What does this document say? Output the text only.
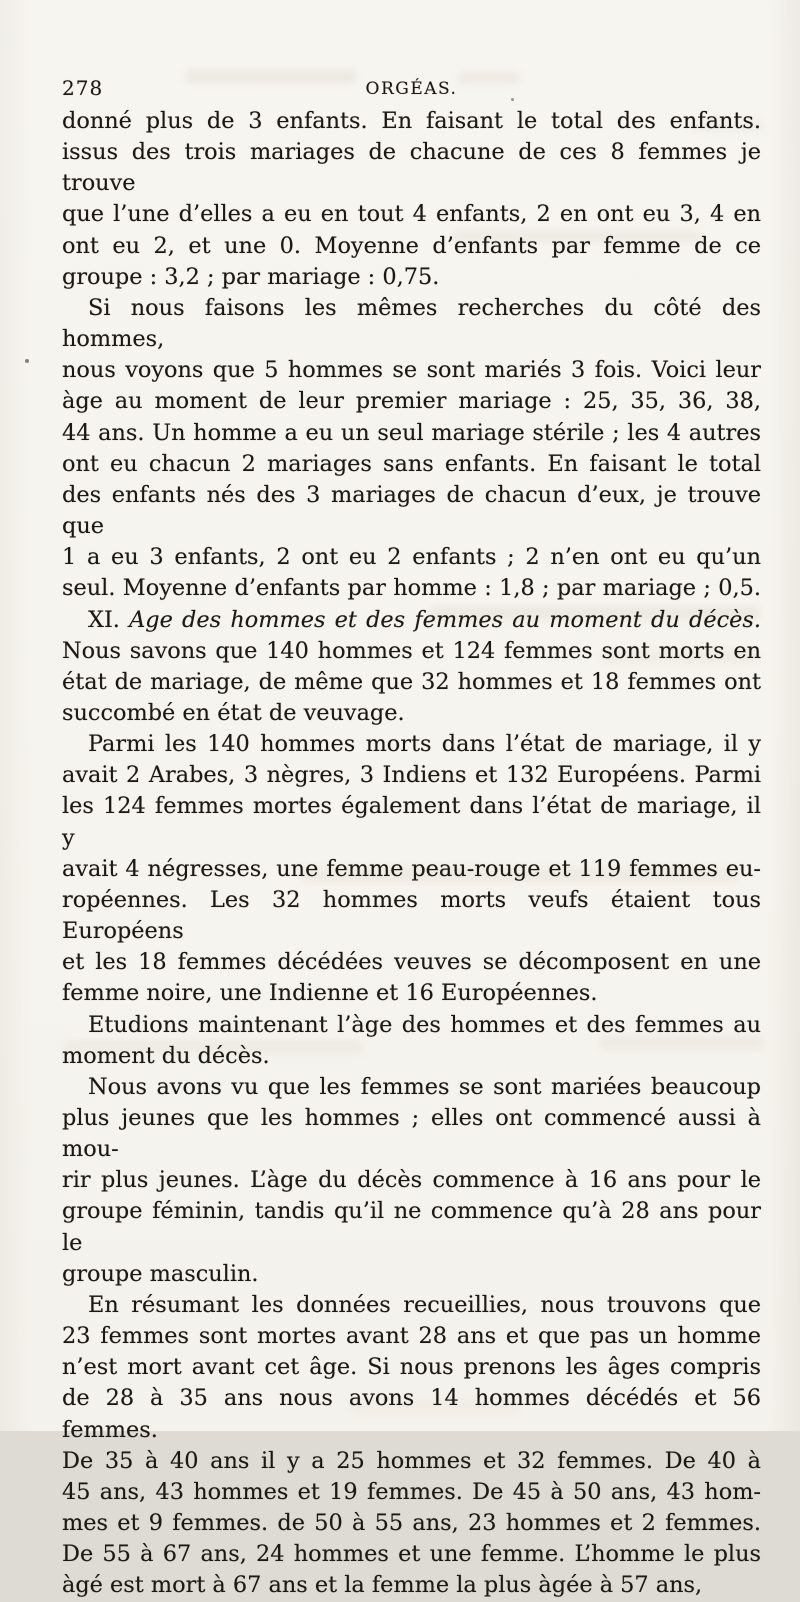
278	ORGÉAS.
donné plus de 3 enfants. En faisant le total des enfants.
issus des trois mariages de chacune de ces 8 femmes je trouve
que l’une d’elles a eu en tout 4 enfants, 2 en ont eu 3, 4 en
ont eu 2, et une 0. Moyenne d’enfants par femme de ce
groupe : 3,2 ; par mariage : 0,75.
Si nous faisons les mêmes recherches du côté des hommes,
nous voyons que 5 hommes se sont mariés 3 fois. Voici leur
àge au moment de leur premier mariage : 25, 35, 36, 38,
44 ans. Un homme a eu un seul mariage stérile ; les 4 autres
ont eu chacun 2 mariages sans enfants. En faisant le total
des enfants nés des 3 mariages de chacun d’eux, je trouve que
1 a eu 3 enfants, 2 ont eu 2 enfants ; 2 n’en ont eu qu’un
seul. Moyenne d’enfants par homme : 1,8 ; par mariage ; 0,5.
XI. Age des hommes et des femmes au moment du décès.
Nous savons que 140 hommes et 124 femmes sont morts en
état de mariage, de même que 32 hommes et 18 femmes ont
succombé en état de veuvage.
Parmi les 140 hommes morts dans l’état de mariage, il y
avait 2 Arabes, 3 nègres, 3 Indiens et 132 Européens. Parmi
les 124 femmes mortes également dans l’état de mariage, il y
avait 4 négresses, une femme peau-rouge et 119 femmes eu-
ropéennes. Les 32 hommes morts veufs étaient tous Européens
et les 18 femmes décédées veuves se décomposent en une
femme noire, une Indienne et 16 Européennes.
Etudions maintenant l’àge des hommes et des femmes au
moment du décès.
Nous avons vu que les femmes se sont mariées beaucoup
plus jeunes que les hommes ; elles ont commencé aussi à mou-
rir plus jeunes. L’àge du décès commence à 16 ans pour le
groupe féminin, tandis qu’il ne commence qu’à 28 ans pour le
groupe masculin.
En résumant les données recueillies, nous trouvons que
23 femmes sont mortes avant 28 ans et que pas un homme
n’est mort avant cet âge. Si nous prenons les âges compris
de 28 à 35 ans nous avons 14 hommes décédés et 56 femmes.
De 35 à 40 ans il y a 25 hommes et 32 femmes. De 40 à
45 ans, 43 hommes et 19 femmes. De 45 à 50 ans, 43 hom-
mes et 9 femmes. de 50 à 55 ans, 23 hommes et 2 femmes.
De 55 à 67 ans, 24 hommes et une femme. L’homme le plus
àgé est mort à 67 ans et la femme la plus àgée à 57 ans,
